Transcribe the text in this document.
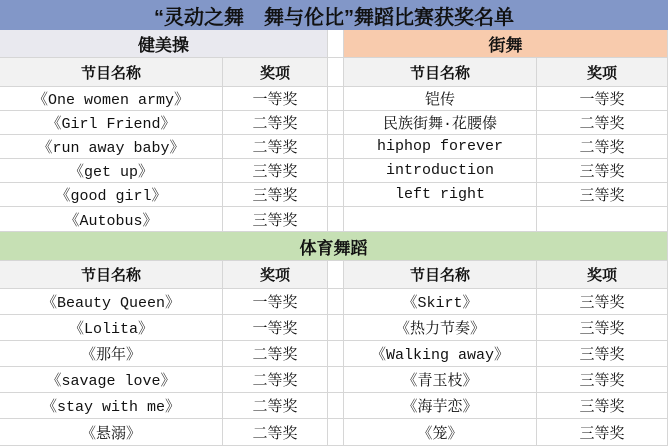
“灵动之舞　舞与伦比”舞蹈比赛获奖名单
健美操	街舞
节目名称	奖项	节目名称	奖项
《One women army》	一等奖	铠传	一等奖
《Girl Friend》	二等奖	民族街舞·花腰傣	二等奖
《run away baby》	二等奖	hiphop forever	二等奖
《get up》	三等奖	introduction	三等奖
《good girl》	三等奖	left right	三等奖
《Autobus》	三等奖
体育舞蹈
节目名称	奖项	节目名称	奖项
《Beauty Queen》	一等奖	《Skirt》	三等奖
《Lolita》	一等奖	《热力节奏》	三等奖
《那年》	二等奖	《Walking away》	三等奖
《savage love》	二等奖	《青玉枝》	三等奖
《stay with me》	二等奖	《海芋恋》	三等奖
《悬溺》	二等奖	《笼》	三等奖
